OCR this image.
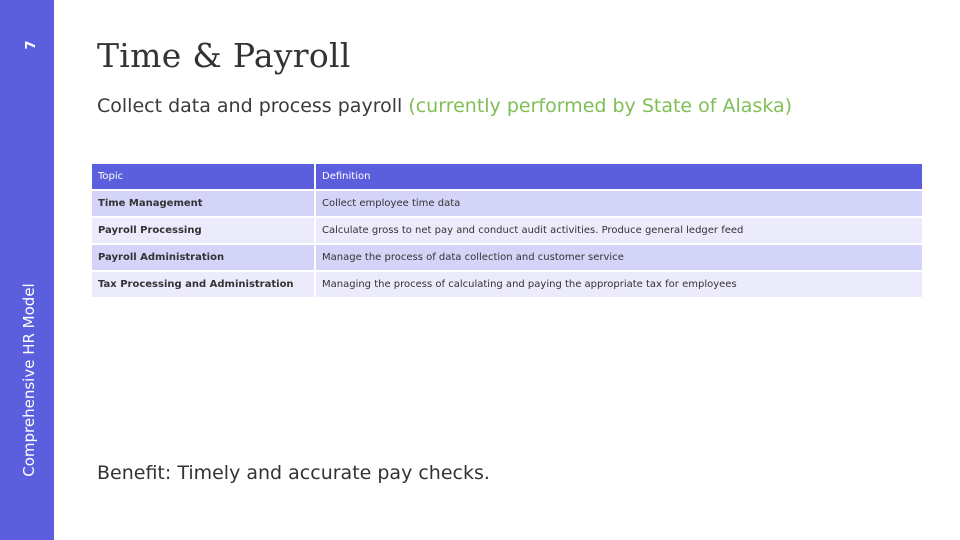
7
Comprehensive HR Model
Time & Payroll
Collect data and process payroll (currently performed by State of Alaska)
Topic	Definition
Time Management	Collect employee time data
Payroll Processing	Calculate gross to net pay and conduct audit activities. Produce general ledger feed
Payroll Administration	Manage the process of data collection and customer service
Tax Processing and Administration	Managing the process of calculating and paying the appropriate tax for employees
Benefit: Timely and accurate pay checks.
